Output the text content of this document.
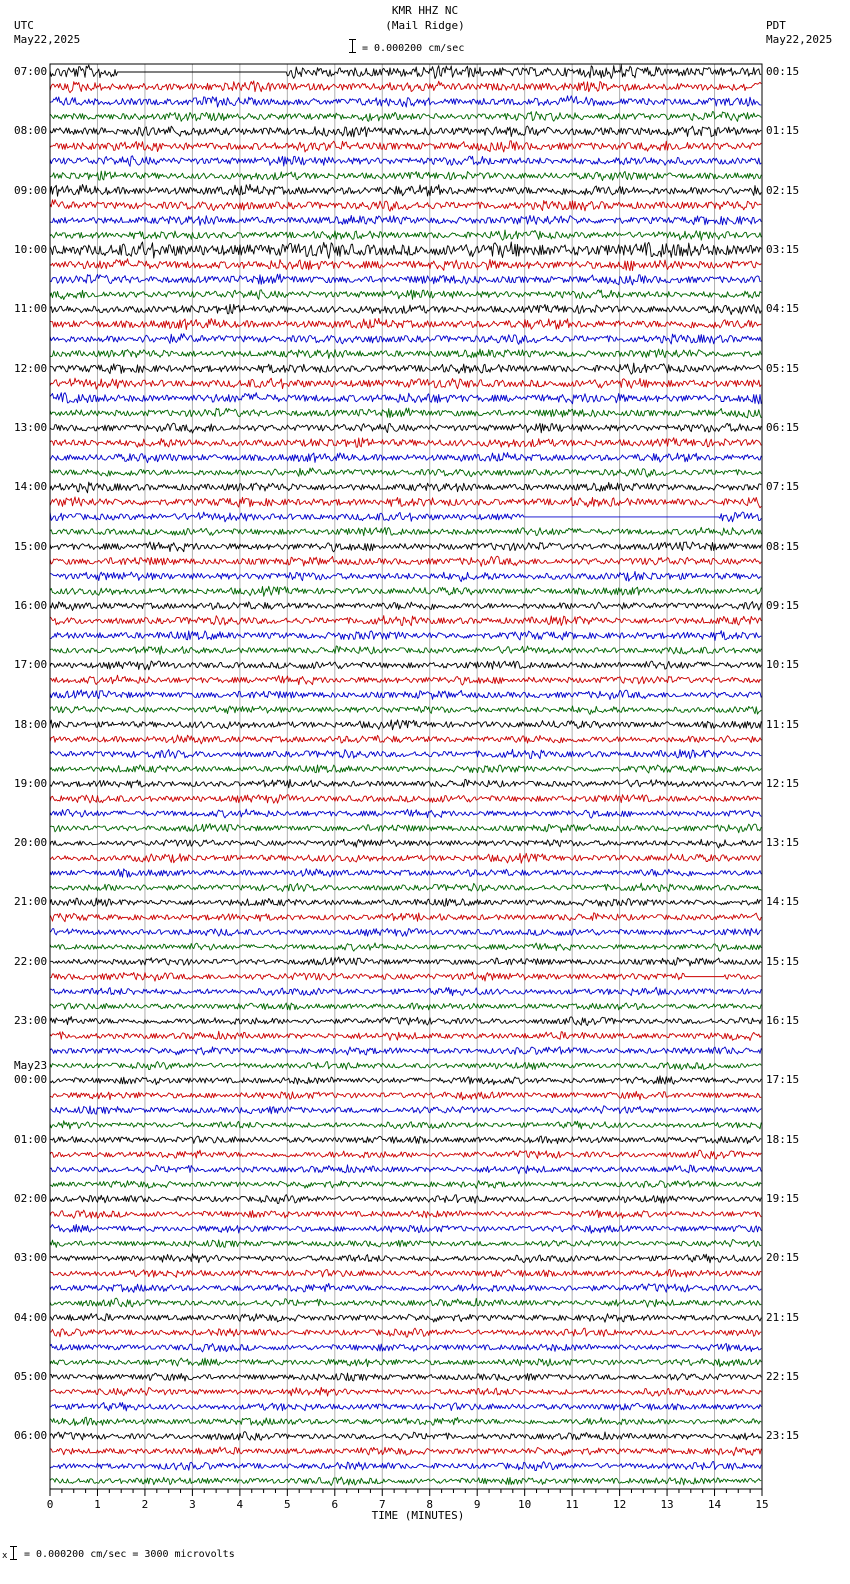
KMR HHZ NC
(Mail Ridge)
= 0.000200 cm/sec
UTC
May22,2025
PDT
May22,2025
07:00
08:00
09:00
10:00
11:00
12:00
13:00
14:00
15:00
16:00
17:00
18:00
19:00
20:00
21:00
22:00
23:00
00:00
May23
01:00
02:00
03:00
04:00
05:00
06:00
00:15
01:15
02:15
03:15
04:15
05:15
06:15
07:15
08:15
09:15
10:15
11:15
12:15
13:15
14:15
15:15
16:15
17:15
18:15
19:15
20:15
21:15
22:15
23:15
0	1	2	3	4	5	6	7	8	9	10	11	12	13	14	15
TIME (MINUTES)
x = 0.000200 cm/sec = 3000 microvolts
